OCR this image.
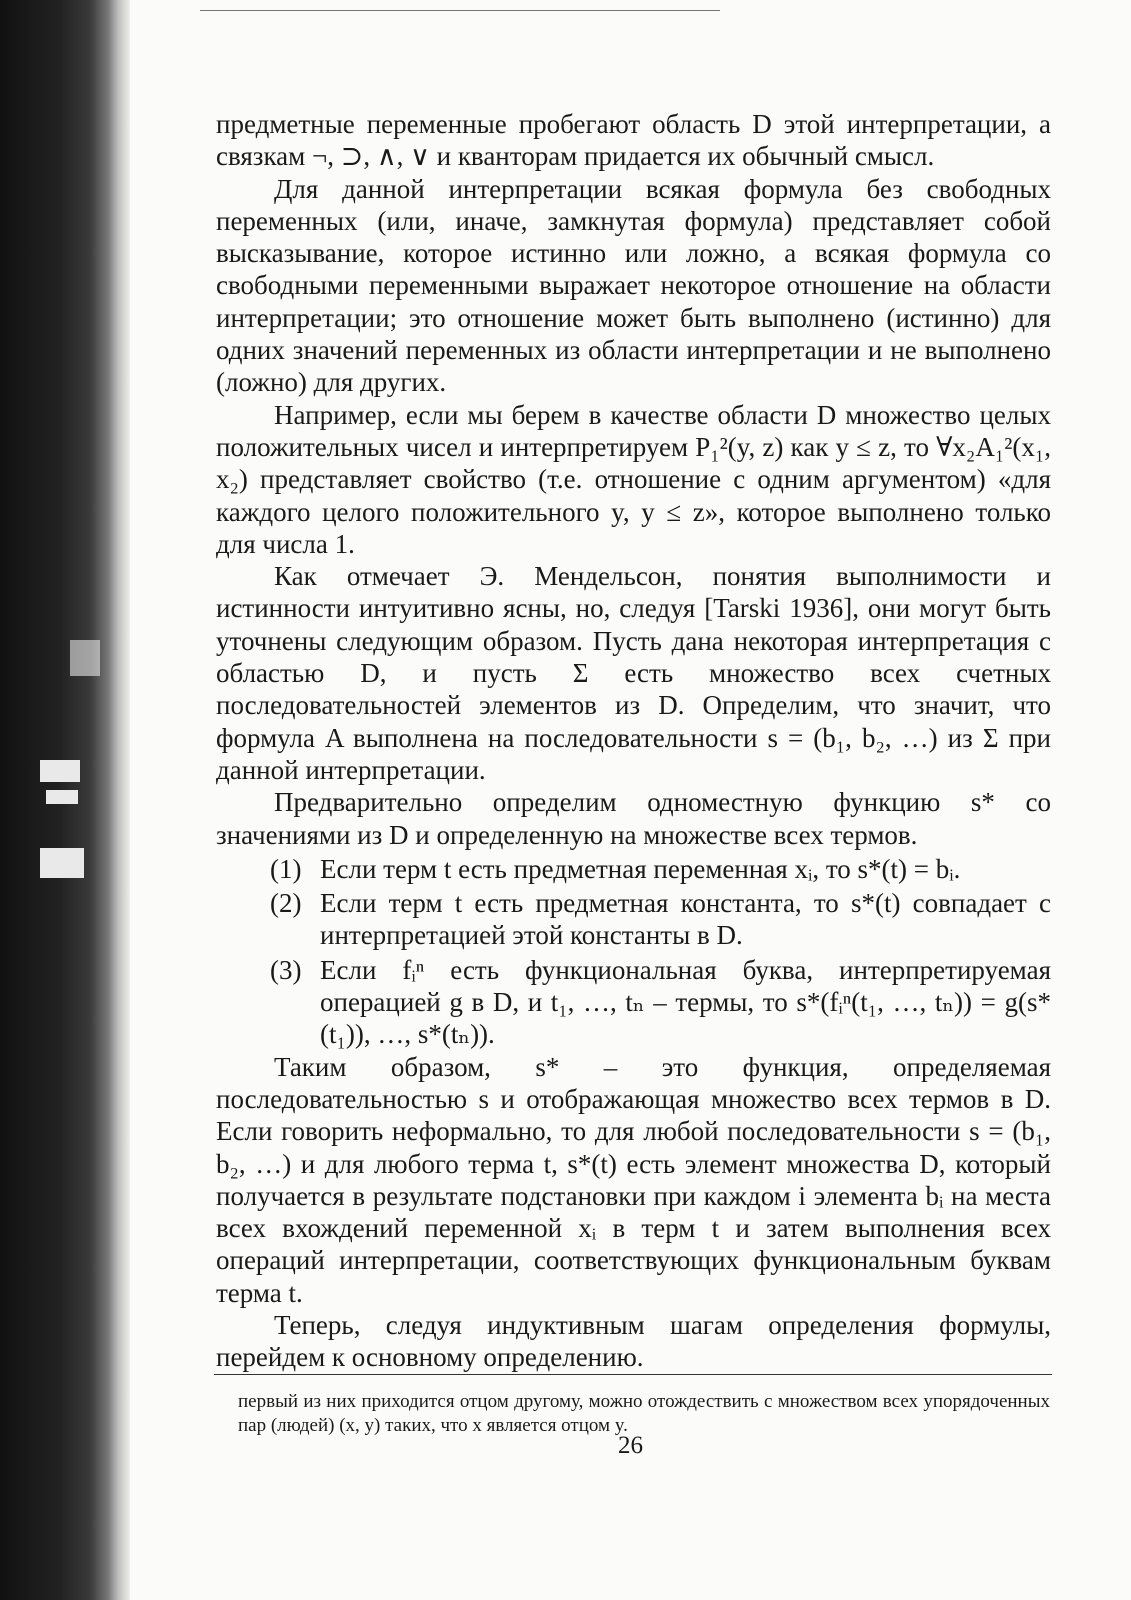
предметные переменные пробегают область D этой интерпретации, а связкам ¬, ⊃, ∧, ∨ и кванторам придается их обычный смысл.

Для данной интерпретации всякая формула без свободных переменных (или, иначе, замкнутая формула) представляет собой высказывание, которое истинно или ложно, а всякая формула со свободными переменными выражает некоторое отношение на области интерпретации; это отношение может быть выполнено (истинно) для одних значений переменных из области интерпретации и не выполнено (ложно) для других.

Например, если мы берем в качестве области D множество целых положительных чисел и интерпретируем P₁²(y, z) как y ≤ z, то ∀x₂A₁²(x₁, x₂) представляет свойство (т.е. отношение с одним аргументом) «для каждого целого положительного y, y ≤ z», которое выполнено только для числа 1.

Как отмечает Э. Мендельсон, понятия выполнимости и истинности интуитивно ясны, но, следуя [Tarski 1936], они могут быть уточнены следующим образом. Пусть дана некоторая интерпретация с областью D, и пусть Σ есть множество всех счетных последовательностей элементов из D. Определим, что значит, что формула A выполнена на последовательности s = (b₁, b₂, …) из Σ при данной интерпретации.

Предварительно определим одноместную функцию s* со значениями из D и определенную на множестве всех термов.

(1) Если терм t есть предметная переменная xᵢ, то s*(t) = bᵢ.
(2) Если терм t есть предметная константа, то s*(t) совпадает с интерпретацией этой константы в D.
(3) Если fᵢⁿ есть функциональная буква, интерпретируемая операцией g в D, и t₁, …, tₙ – термы, то s*(fᵢⁿ(t₁, …, tₙ)) = g(s*(t₁)), …, s*(tₙ)).

Таким образом, s* – это функция, определяемая последовательностью s и отображающая множество всех термов в D. Если говорить неформально, то для любой последовательности s = (b₁, b₂, …) и для любого терма t, s*(t) есть элемент множества D, который получается в результате подстановки при каждом i элемента bᵢ на места всех вхождений переменной xᵢ в терм t и затем выполнения всех операций интерпретации, соответствующих функциональным буквам терма t.

Теперь, следуя индуктивным шагам определения формулы, перейдем к основному определению.

первый из них приходится отцом другому, можно отождествить с множеством всех упорядоченных пар (людей) (x, y) таких, что x является отцом y.
26
